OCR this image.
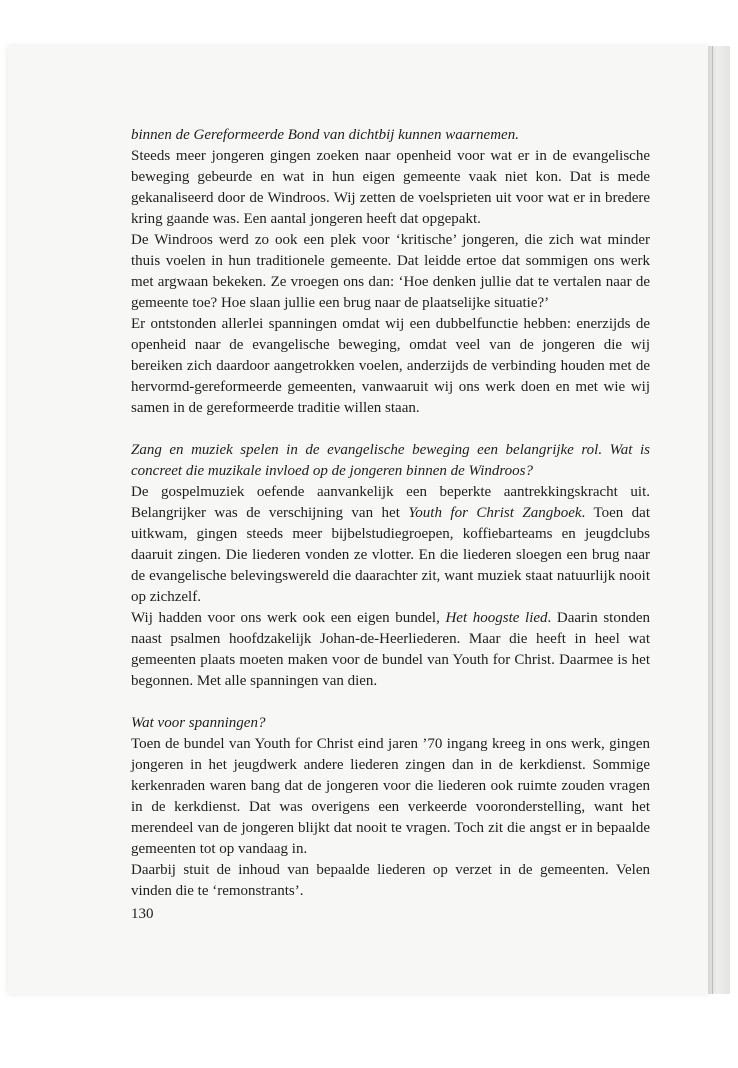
binnen de Gereformeerde Bond van dichtbij kunnen waarnemen.

Steeds meer jongeren gingen zoeken naar openheid voor wat er in de evangelische beweging gebeurde en wat in hun eigen gemeente vaak niet kon. Dat is mede gekanaliseerd door de Windroos. Wij zetten de voelsprieten uit voor wat er in bredere kring gaande was. Een aantal jongeren heeft dat opgepakt.

De Windroos werd zo ook een plek voor ‘kritische’ jongeren, die zich wat minder thuis voelen in hun traditionele gemeente. Dat leidde ertoe dat sommigen ons werk met argwaan bekeken. Ze vroegen ons dan: ‘Hoe denken jullie dat te vertalen naar de gemeente toe? Hoe slaan jullie een brug naar de plaatselijke situatie?’

Er ontstonden allerlei spanningen omdat wij een dubbelfunctie hebben: enerzijds de openheid naar de evangelische beweging, omdat veel van de jongeren die wij bereiken zich daardoor aangetrokken voelen, anderzijds de verbinding houden met de hervormd-gereformeerde gemeenten, vanwaaruit wij ons werk doen en met wie wij samen in de gereformeerde traditie willen staan.

Zang en muziek spelen in de evangelische beweging een belangrijke rol. Wat is concreet die muzikale invloed op de jongeren binnen de Windroos?

De gospelmuziek oefende aanvankelijk een beperkte aantrekkingskracht uit. Belangrijker was de verschijning van het Youth for Christ Zangboek. Toen dat uitkwam, gingen steeds meer bijbelstudiegroepen, koffiebarteams en jeugdclubs daaruit zingen. Die liederen vonden ze vlotter. En die liederen sloegen een brug naar de evangelische belevingswereld die daarachter zit, want muziek staat natuurlijk nooit op zichzelf.

Wij hadden voor ons werk ook een eigen bundel, Het hoogste lied. Daarin stonden naast psalmen hoofdzakelijk Johan-de-Heerliederen. Maar die heeft in heel wat gemeenten plaats moeten maken voor de bundel van Youth for Christ. Daarmee is het begonnen. Met alle spanningen van dien.

Wat voor spanningen?

Toen de bundel van Youth for Christ eind jaren ’70 ingang kreeg in ons werk, gingen jongeren in het jeugdwerk andere liederen zingen dan in de kerkdienst. Sommige kerkenraden waren bang dat de jongeren voor die liederen ook ruimte zouden vragen in de kerkdienst. Dat was overigens een verkeerde vooronderstelling, want het merendeel van de jongeren blijkt dat nooit te vragen. Toch zit die angst er in bepaalde gemeenten tot op vandaag in.

Daarbij stuit de inhoud van bepaalde liederen op verzet in de gemeenten. Velen vinden die te ‘remonstrants’.

130
